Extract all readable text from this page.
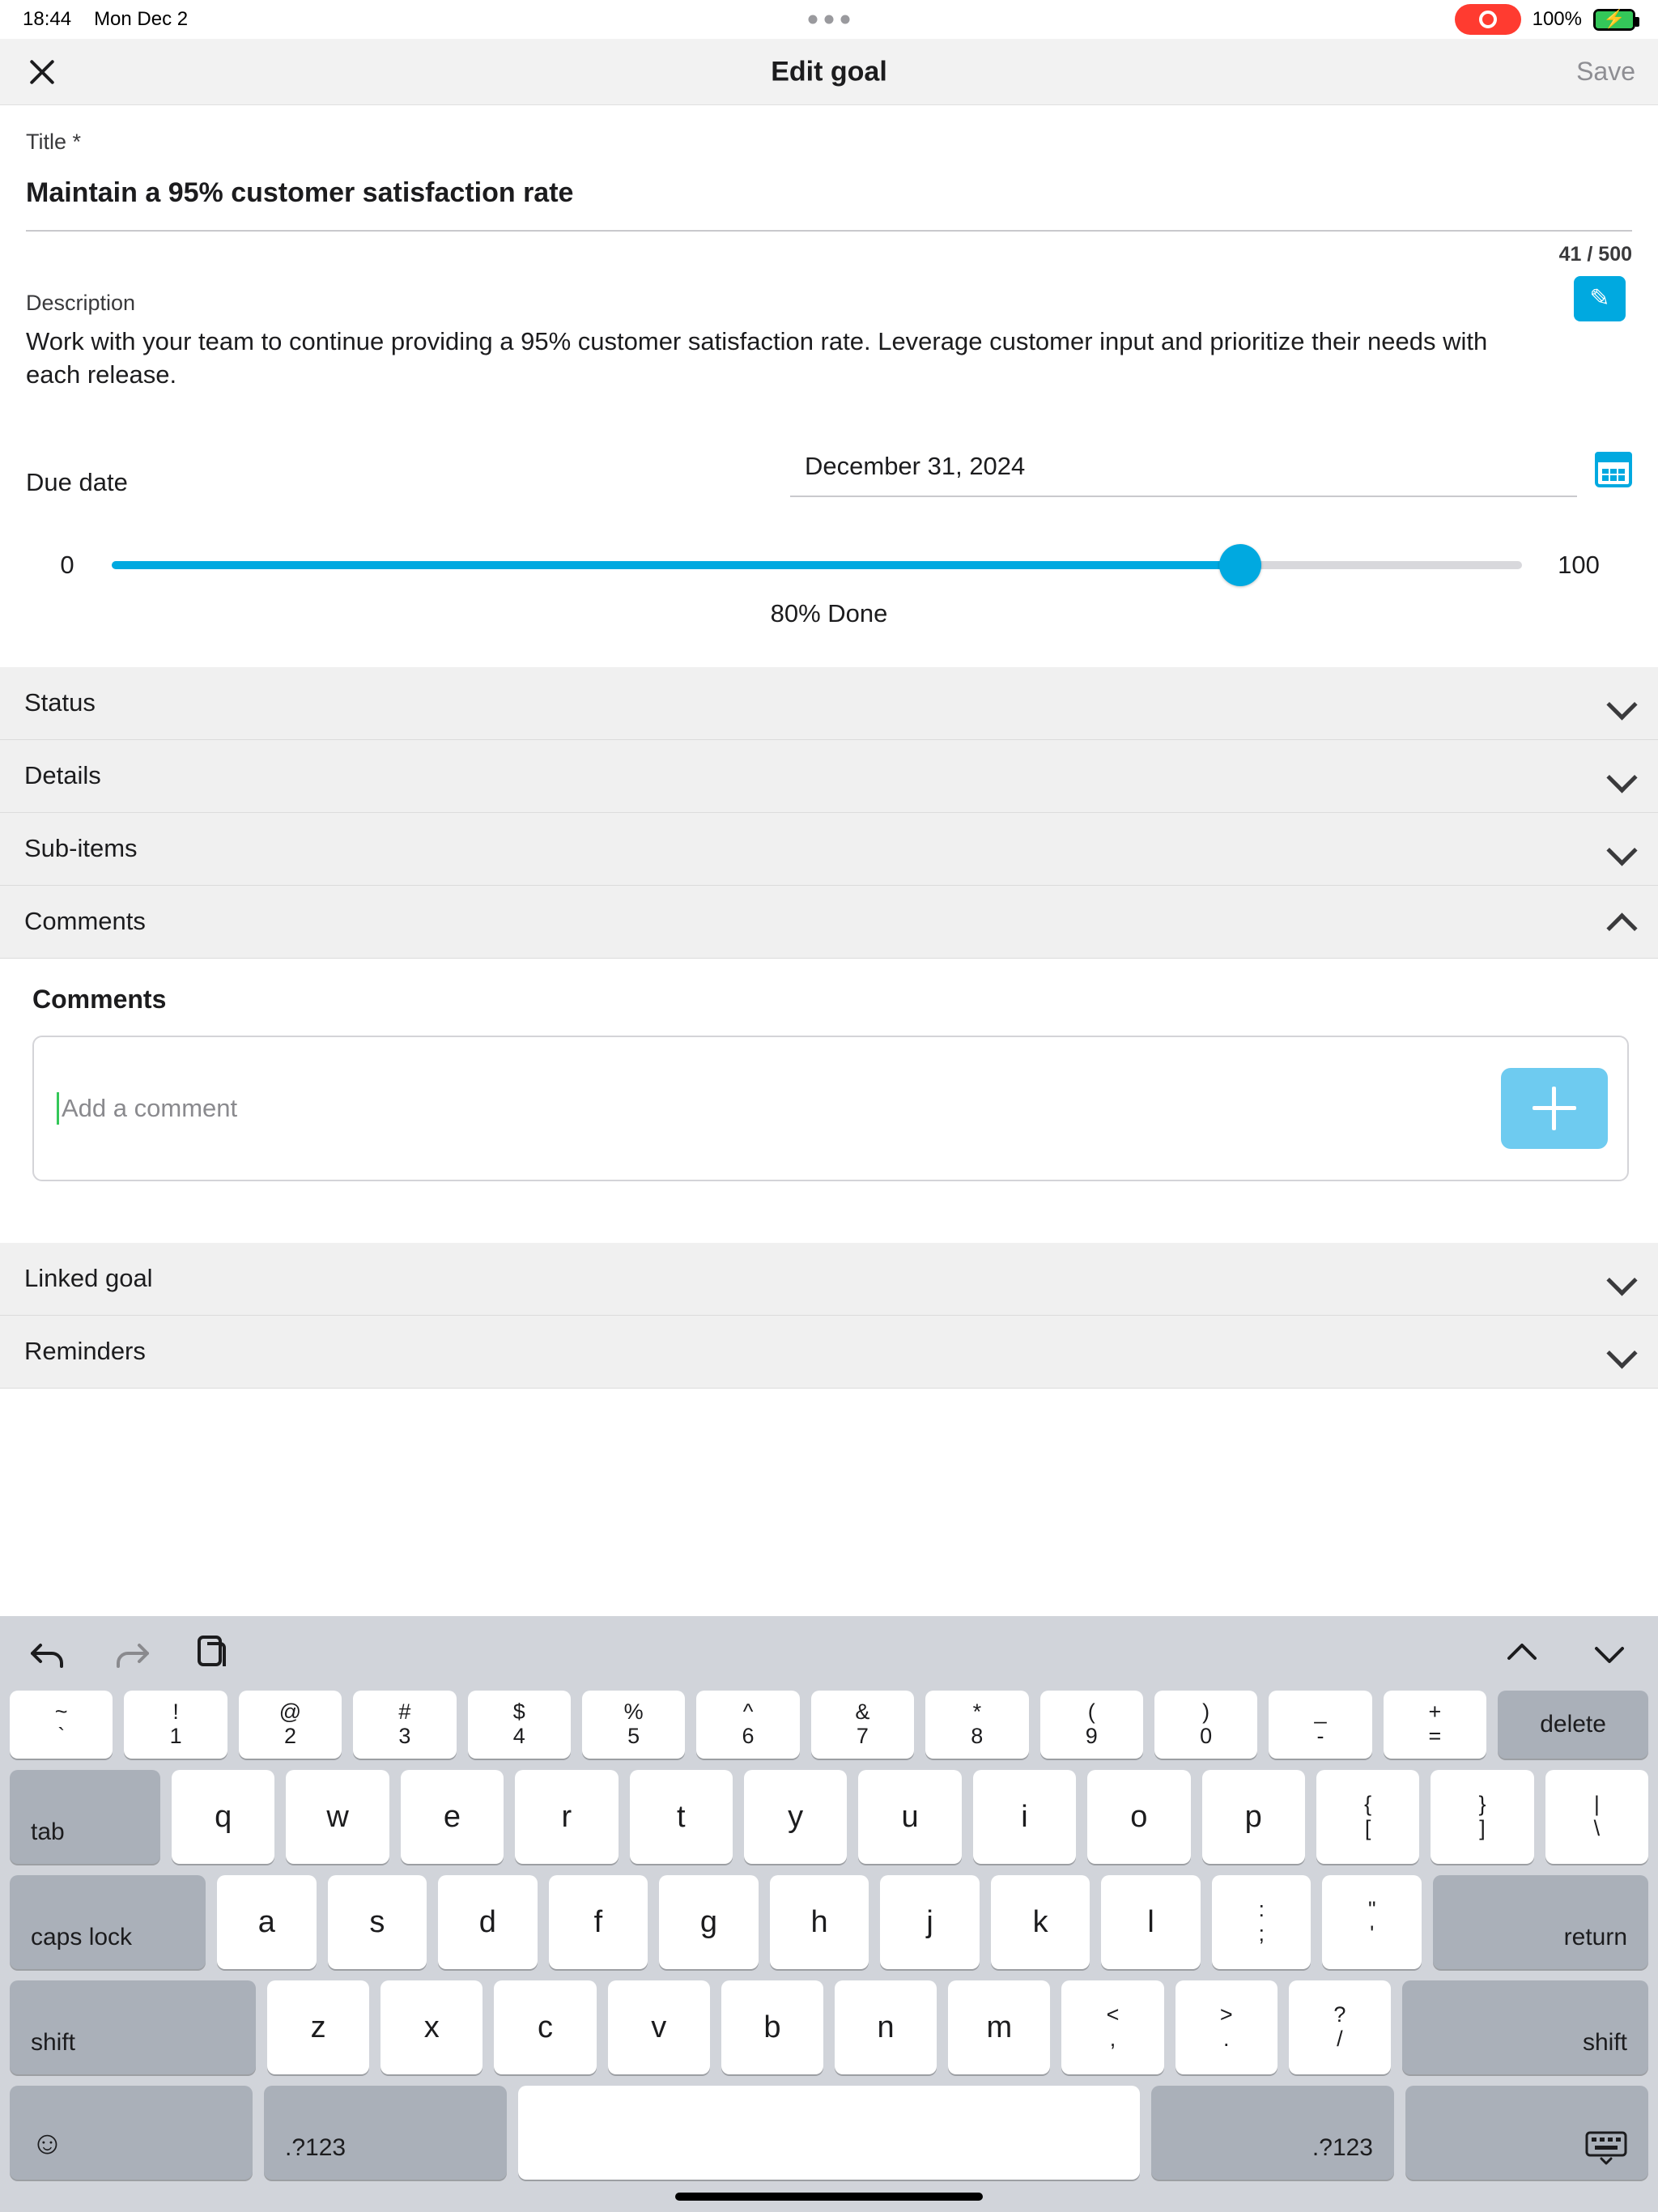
18:44 Mon Dec 2	100% ⚡
Edit goal	Save
Title *
Maintain a 95% customer satisfaction rate
41 / 500
✎
Description
Work with your team to continue providing a 95% customer satisfaction rate. Leverage customer input and prioritize their needs with each release.
Due date
December 31, 2024
0	100
80% Done
Status
Details
Sub-items
Comments
Comments
Add a comment
Linked goal
Reminders
~
`
!
1
@
2
#
3
$
4
%
5
^
6
&
7
*
8
(
9
)
0
_
-
+
=	delete
tab	q	w	e	r	t	y	u	i	o	p	{
[
}
]
|
\
caps lock	a	s	d	f	g	h	j	k	l	:
;
"
'	return
shift	z	x	c	v	b	n	m	<
,
>
.
?
/	shift
☺	.?123	.?123
